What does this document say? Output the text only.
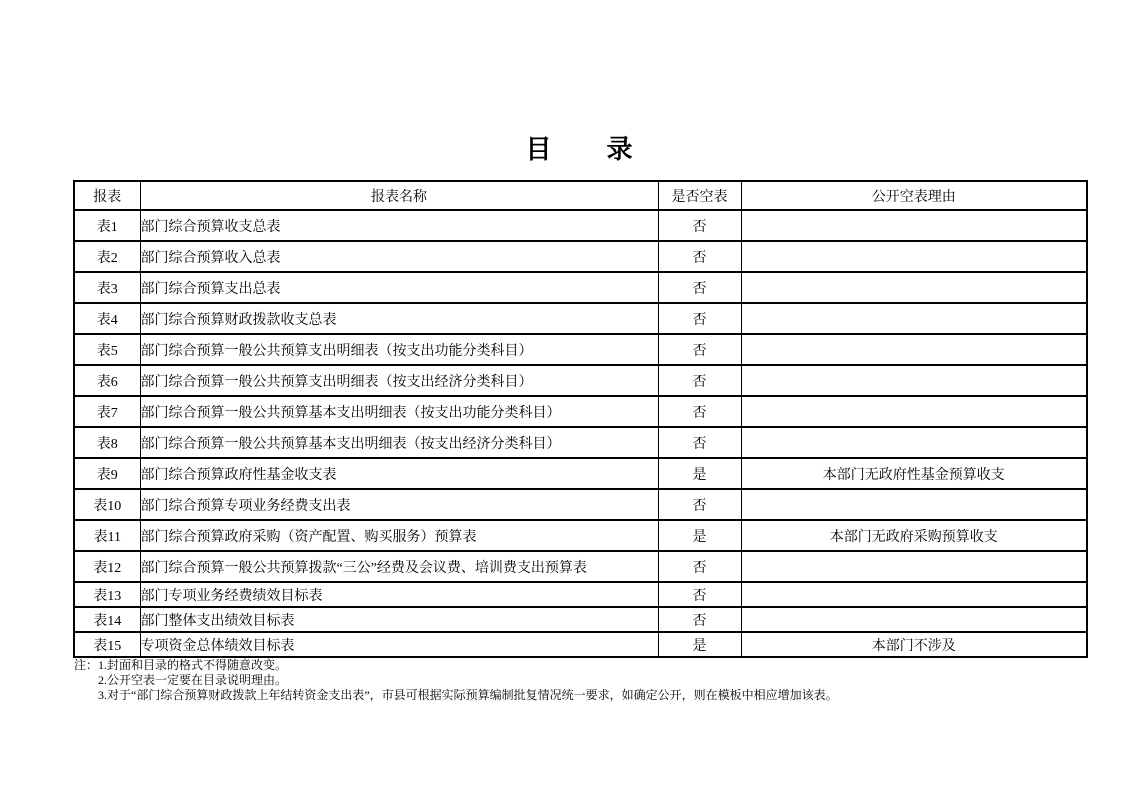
目　　录
报表	报表名称	是否空表	公开空表理由
表1	部门综合预算收支总表	否	
表2	部门综合预算收入总表	否	
表3	部门综合预算支出总表	否	
表4	部门综合预算财政拨款收支总表	否	
表5	部门综合预算一般公共预算支出明细表（按支出功能分类科目）	否	
表6	部门综合预算一般公共预算支出明细表（按支出经济分类科目）	否	
表7	部门综合预算一般公共预算基本支出明细表（按支出功能分类科目）	否	
表8	部门综合预算一般公共预算基本支出明细表（按支出经济分类科目）	否	
表9	部门综合预算政府性基金收支表	是	本部门无政府性基金预算收支
表10	部门综合预算专项业务经费支出表	否	
表11	部门综合预算政府采购（资产配置、购买服务）预算表	是	本部门无政府采购预算收支
表12	部门综合预算一般公共预算拨款“三公”经费及会议费、培训费支出预算表	否	
表13	部门专项业务经费绩效目标表	否	
表14	部门整体支出绩效目标表	否	
表15	专项资金总体绩效目标表	是	本部门不涉及
注：1.封面和目录的格式不得随意改变。
2.公开空表一定要在目录说明理由。
3.对于“部门综合预算财政拨款上年结转资金支出表”，市县可根据实际预算编制批复情况统一要求，如确定公开，则在模板中相应增加该表。
